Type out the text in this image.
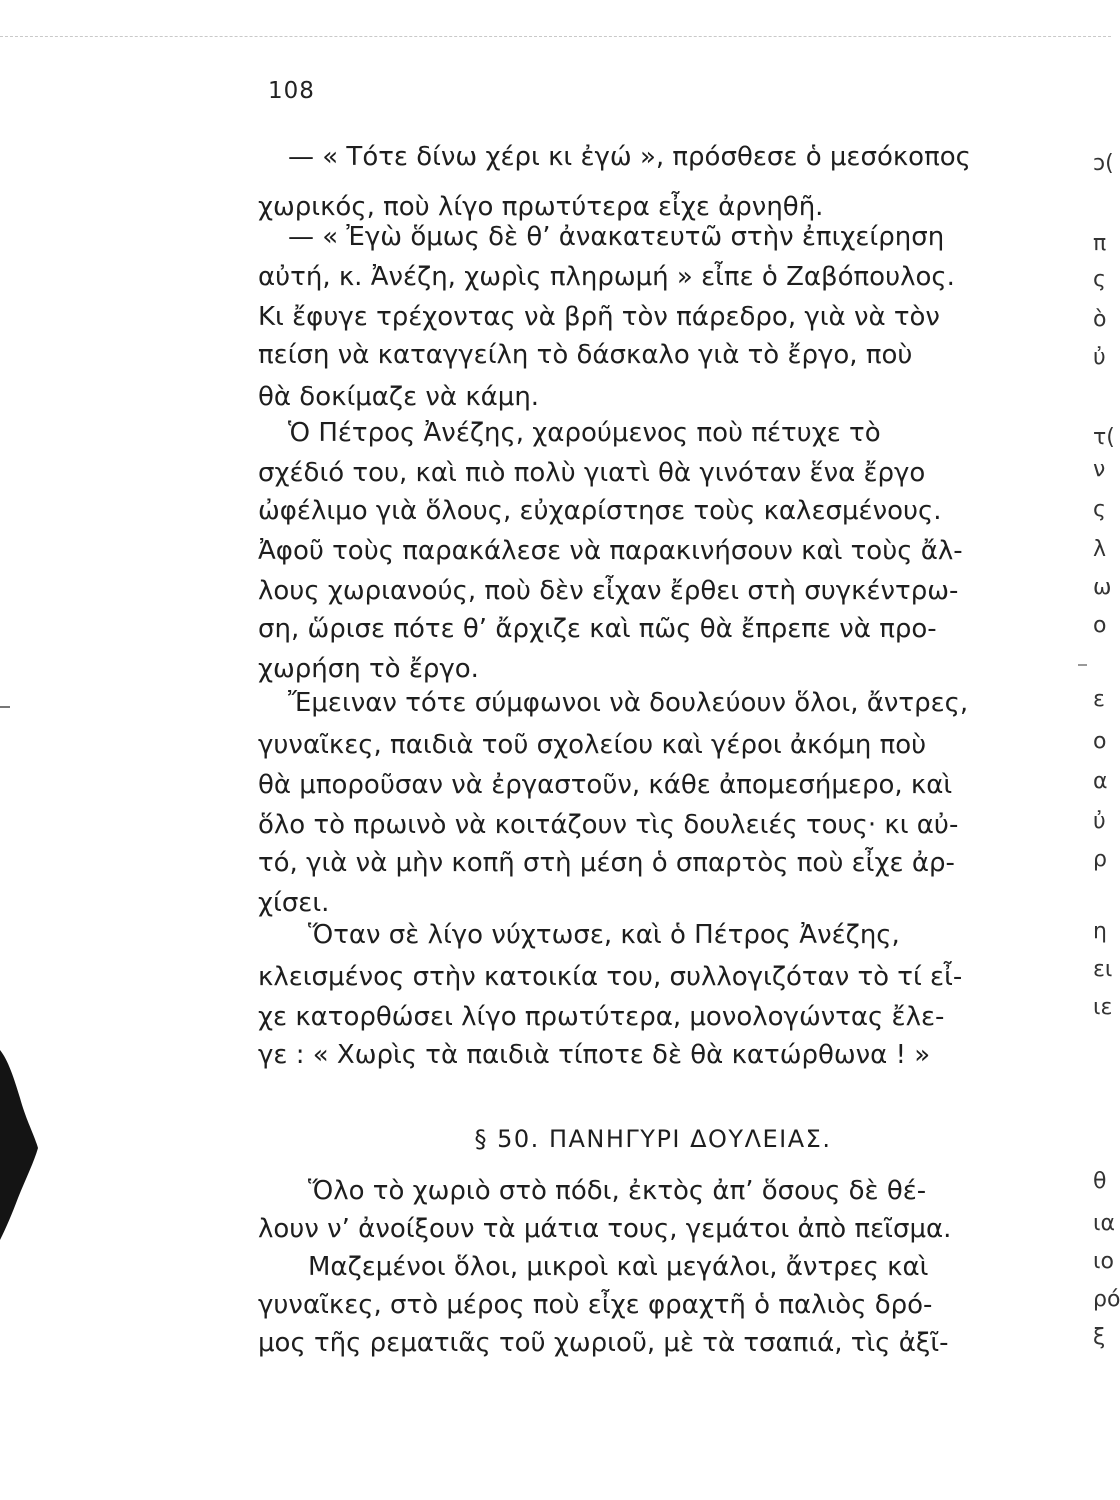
108
— « Τότε δίνω χέρι κι ἐγώ », πρόσθεσε ὁ μεσόκοπος
χωρικός, ποὺ λίγο πρωτύτερα εἶχε ἀρνηθῆ.
— « Ἐγὼ ὅμως δὲ θ’ ἀνακατευτῶ στὴν ἐπιχείρηση
αὐτή, κ. Ἀνέζη, χωρὶς πληρωμή » εἶπε ὁ Ζαβόπουλος.
Κι ἔφυγε τρέχοντας νὰ βρῆ τὸν πάρεδρο, γιὰ νὰ τὸν
πείση νὰ καταγγείλη τὸ δάσκαλο γιὰ τὸ ἔργο, ποὺ
θὰ δοκίμαζε νὰ κάμη.
Ὁ Πέτρος Ἀνέζης, χαρούμενος ποὺ πέτυχε τὸ
σχέδιό του, καὶ πιὸ πολὺ γιατὶ θὰ γινόταν ἕνα ἔργο
ὠφέλιμο γιὰ ὅλους, εὐχαρίστησε τοὺς καλεσμένους.
Ἀφοῦ τοὺς παρακάλεσε νὰ παρακινήσουν καὶ τοὺς ἄλ-
λους χωριανούς, ποὺ δὲν εἶχαν ἔρθει στὴ συγκέντρω-
ση, ὥρισε πότε θ’ ἄρχιζε καὶ πῶς θὰ ἔπρεπε νὰ προ-
χωρήση τὸ ἔργο.
Ἔμειναν τότε σύμφωνοι νὰ δουλεύουν ὅλοι, ἄντρες,
γυναῖκες, παιδιὰ τοῦ σχολείου καὶ γέροι ἀκόμη ποὺ
θὰ μποροῦσαν νὰ ἐργαστοῦν, κάθε ἀπομεσήμερο, καὶ
ὅλο τὸ πρωινὸ νὰ κοιτάζουν τὶς δουλειές τους· κι αὐ-
τό, γιὰ νὰ μὴν κοπῆ στὴ μέση ὁ σπαρτὸς ποὺ εἶχε ἀρ-
χίσει.
Ὅταν σὲ λίγο νύχτωσε, καὶ ὁ Πέτρος Ἀνέζης,
κλεισμένος στὴν κατοικία του, συλλογιζόταν τὸ τί εἶ-
χε κατορθώσει λίγο πρωτύτερα, μονολογώντας ἔλε-
γε : « Χωρὶς τὰ παιδιὰ τίποτε δὲ θὰ κατώρθωνα ! »
§ 50. ΠΑΝΗΓΥΡΙ ΔΟΥΛΕΙΑΣ.
Ὅλο τὸ χωριὸ στὸ πόδι, ἐκτὸς ἀπ’ ὅσους δὲ θέ-
λουν ν’ ἀνοίξουν τὰ μάτια τους, γεμάτοι ἀπὸ πεῖσμα.
Μαζεμένοι ὅλοι, μικροὶ καὶ μεγάλοι, ἄντρες καὶ
γυναῖκες, στὸ μέρος ποὺ εἶχε φραχτῆ ὁ παλιὸς δρό-
μος τῆς ρεματιᾶς τοῦ χωριοῦ, μὲ τὰ τσαπιά, τὶς ἀξῖ-
ɔ(
π
ς
ὸ
ὐ
τ(
ν
ς
λ
ω
ο
ε
ο
α
ὐ
ρ
η
ει
ιε
θ
ια
ιο
ρό
ξ
